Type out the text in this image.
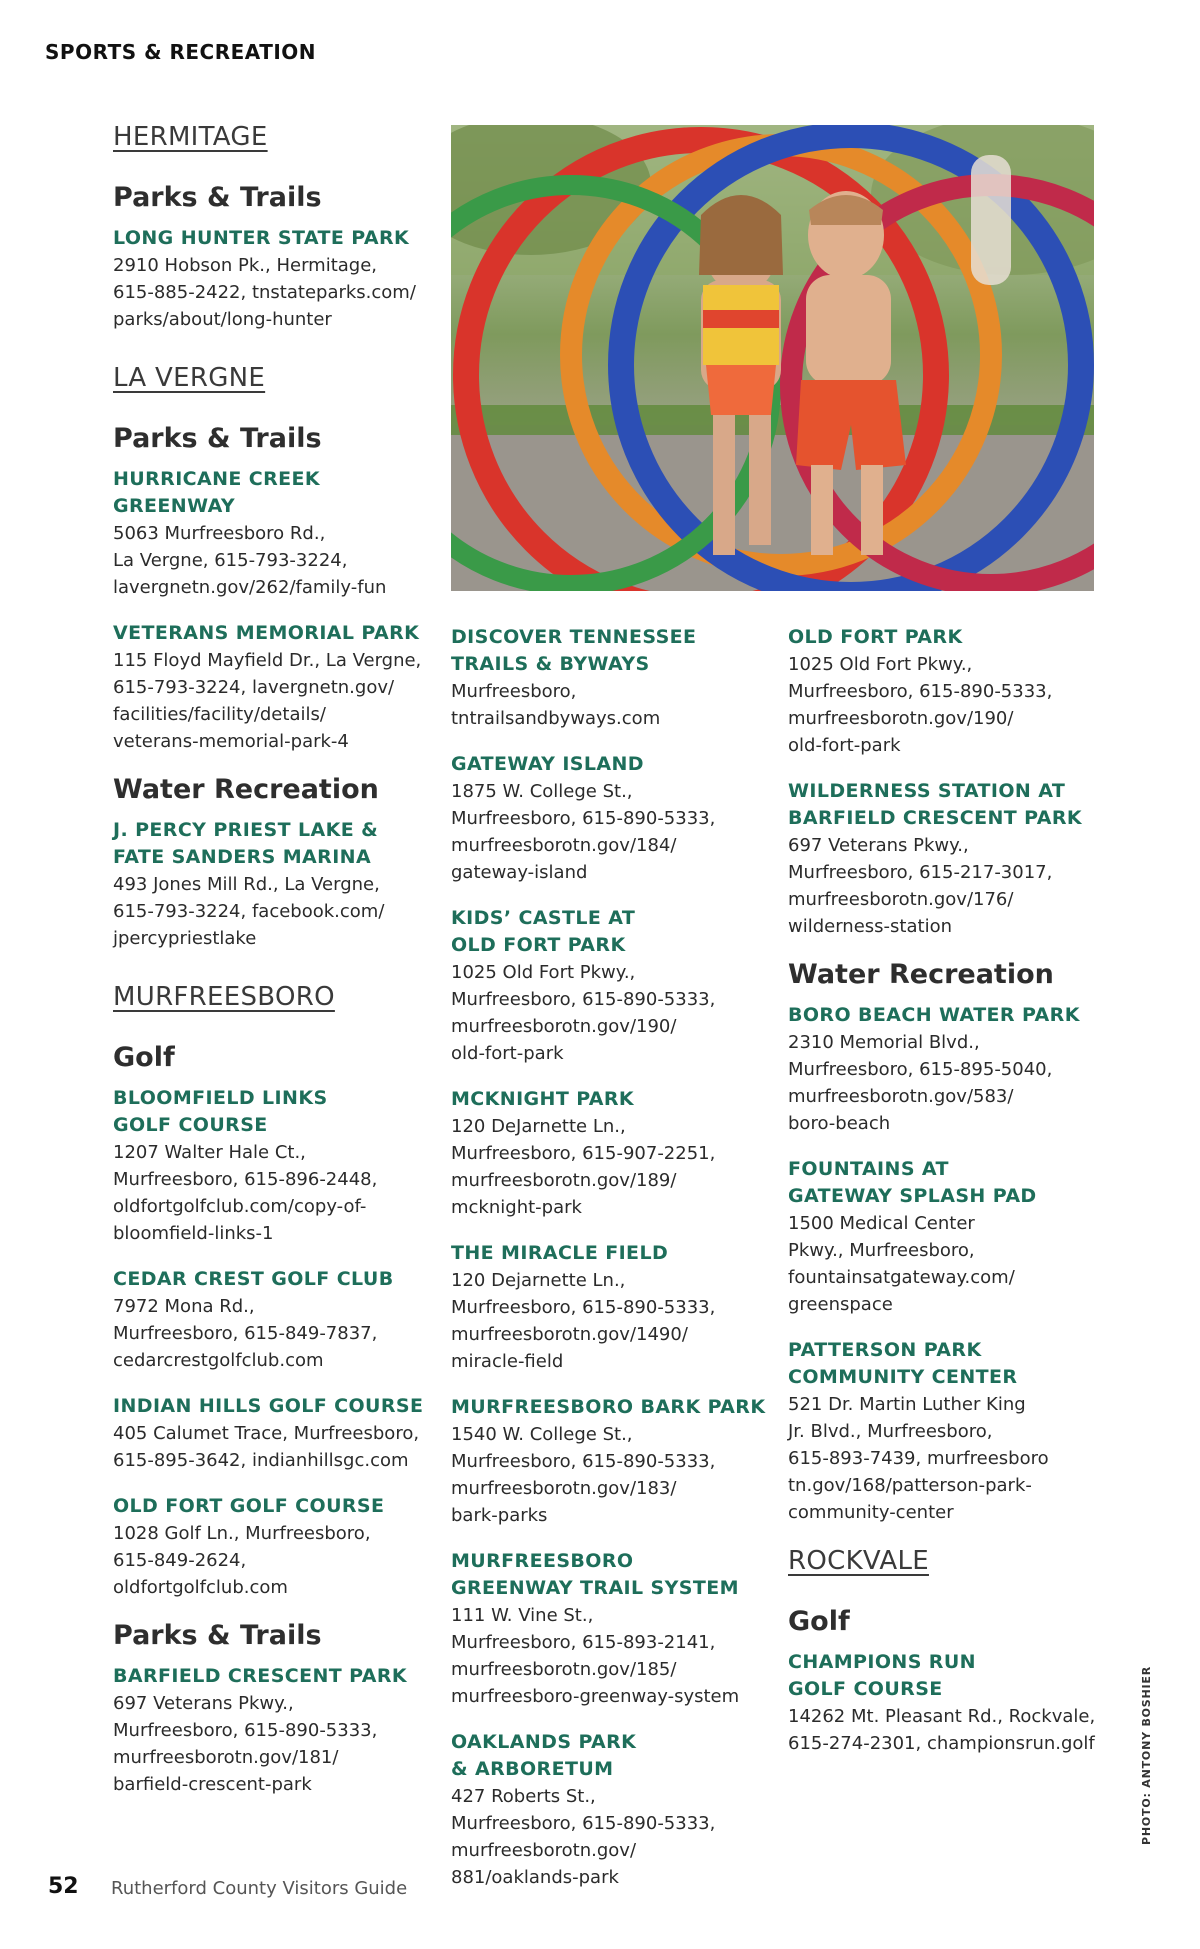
SPORTS & RECREATION
HERMITAGE
Parks & Trails
LONG HUNTER STATE PARK
2910 Hobson Pk., Hermitage,
615-885-2422, tnstateparks.com/
parks/about/long-hunter
LA VERGNE
Parks & Trails
HURRICANE CREEK
GREENWAY
5063 Murfreesboro Rd.,
La Vergne, 615-793-3224,
lavergnetn.gov/262/family-fun
VETERANS MEMORIAL PARK
115 Floyd Mayfield Dr., La Vergne,
615-793-3224, lavergnetn.gov/
facilities/facility/details/
veterans-memorial-park-4
Water Recreation
J. PERCY PRIEST LAKE &
FATE SANDERS MARINA
493 Jones Mill Rd., La Vergne,
615-793-3224, facebook.com/
jpercypriestlake
MURFREESBORO
Golf
BLOOMFIELD LINKS
GOLF COURSE
1207 Walter Hale Ct.,
Murfreesboro, 615-896-2448,
oldfortgolfclub.com/copy-of-
bloomfield-links-1
CEDAR CREST GOLF CLUB
7972 Mona Rd.,
Murfreesboro, 615-849-7837,
cedarcrestgolfclub.com
INDIAN HILLS GOLF COURSE
405 Calumet Trace, Murfreesboro,
615-895-3642, indianhillsgc.com
OLD FORT GOLF COURSE
1028 Golf Ln., Murfreesboro,
615-849-2624,
oldfortgolfclub.com
Parks & Trails
BARFIELD CRESCENT PARK
697 Veterans Pkwy.,
Murfreesboro, 615-890-5333,
murfreesborotn.gov/181/
barfield-crescent-park
DISCOVER TENNESSEE
TRAILS & BYWAYS
Murfreesboro,
tntrailsandbyways.com
GATEWAY ISLAND
1875 W. College St.,
Murfreesboro, 615-890-5333,
murfreesborotn.gov/184/
gateway-island
KIDS’ CASTLE AT
OLD FORT PARK
1025 Old Fort Pkwy.,
Murfreesboro, 615-890-5333,
murfreesborotn.gov/190/
old-fort-park
MCKNIGHT PARK
120 DeJarnette Ln.,
Murfreesboro, 615-907-2251,
murfreesborotn.gov/189/
mcknight-park
THE MIRACLE FIELD
120 Dejarnette Ln.,
Murfreesboro, 615-890-5333,
murfreesborotn.gov/1490/
miracle-field
MURFREESBORO BARK PARK
1540 W. College St.,
Murfreesboro, 615-890-5333,
murfreesborotn.gov/183/
bark-parks
MURFREESBORO
GREENWAY TRAIL SYSTEM
111 W. Vine St.,
Murfreesboro, 615-893-2141,
murfreesborotn.gov/185/
murfreesboro-greenway-system
OAKLANDS PARK
& ARBORETUM
427 Roberts St.,
Murfreesboro, 615-890-5333,
murfreesborotn.gov/
881/oaklands-park
OLD FORT PARK
1025 Old Fort Pkwy.,
Murfreesboro, 615-890-5333,
murfreesborotn.gov/190/
old-fort-park
WILDERNESS STATION AT
BARFIELD CRESCENT PARK
697 Veterans Pkwy.,
Murfreesboro, 615-217-3017,
murfreesborotn.gov/176/
wilderness-station
Water Recreation
BORO BEACH WATER PARK
2310 Memorial Blvd.,
Murfreesboro, 615-895-5040,
murfreesborotn.gov/583/
boro-beach
FOUNTAINS AT
GATEWAY SPLASH PAD
1500 Medical Center
Pkwy., Murfreesboro,
fountainsatgateway.com/
greenspace
PATTERSON PARK
COMMUNITY CENTER
521 Dr. Martin Luther King
Jr. Blvd., Murfreesboro,
615-893-7439, murfreesboro
tn.gov/168/patterson-park-
community-center
ROCKVALE
Golf
CHAMPIONS RUN
GOLF COURSE
14262 Mt. Pleasant Rd., Rockvale,
615-274-2301, championsrun.golf	PHOTO: ANTONY BOSHIER
52 Rutherford County Visitors Guide
